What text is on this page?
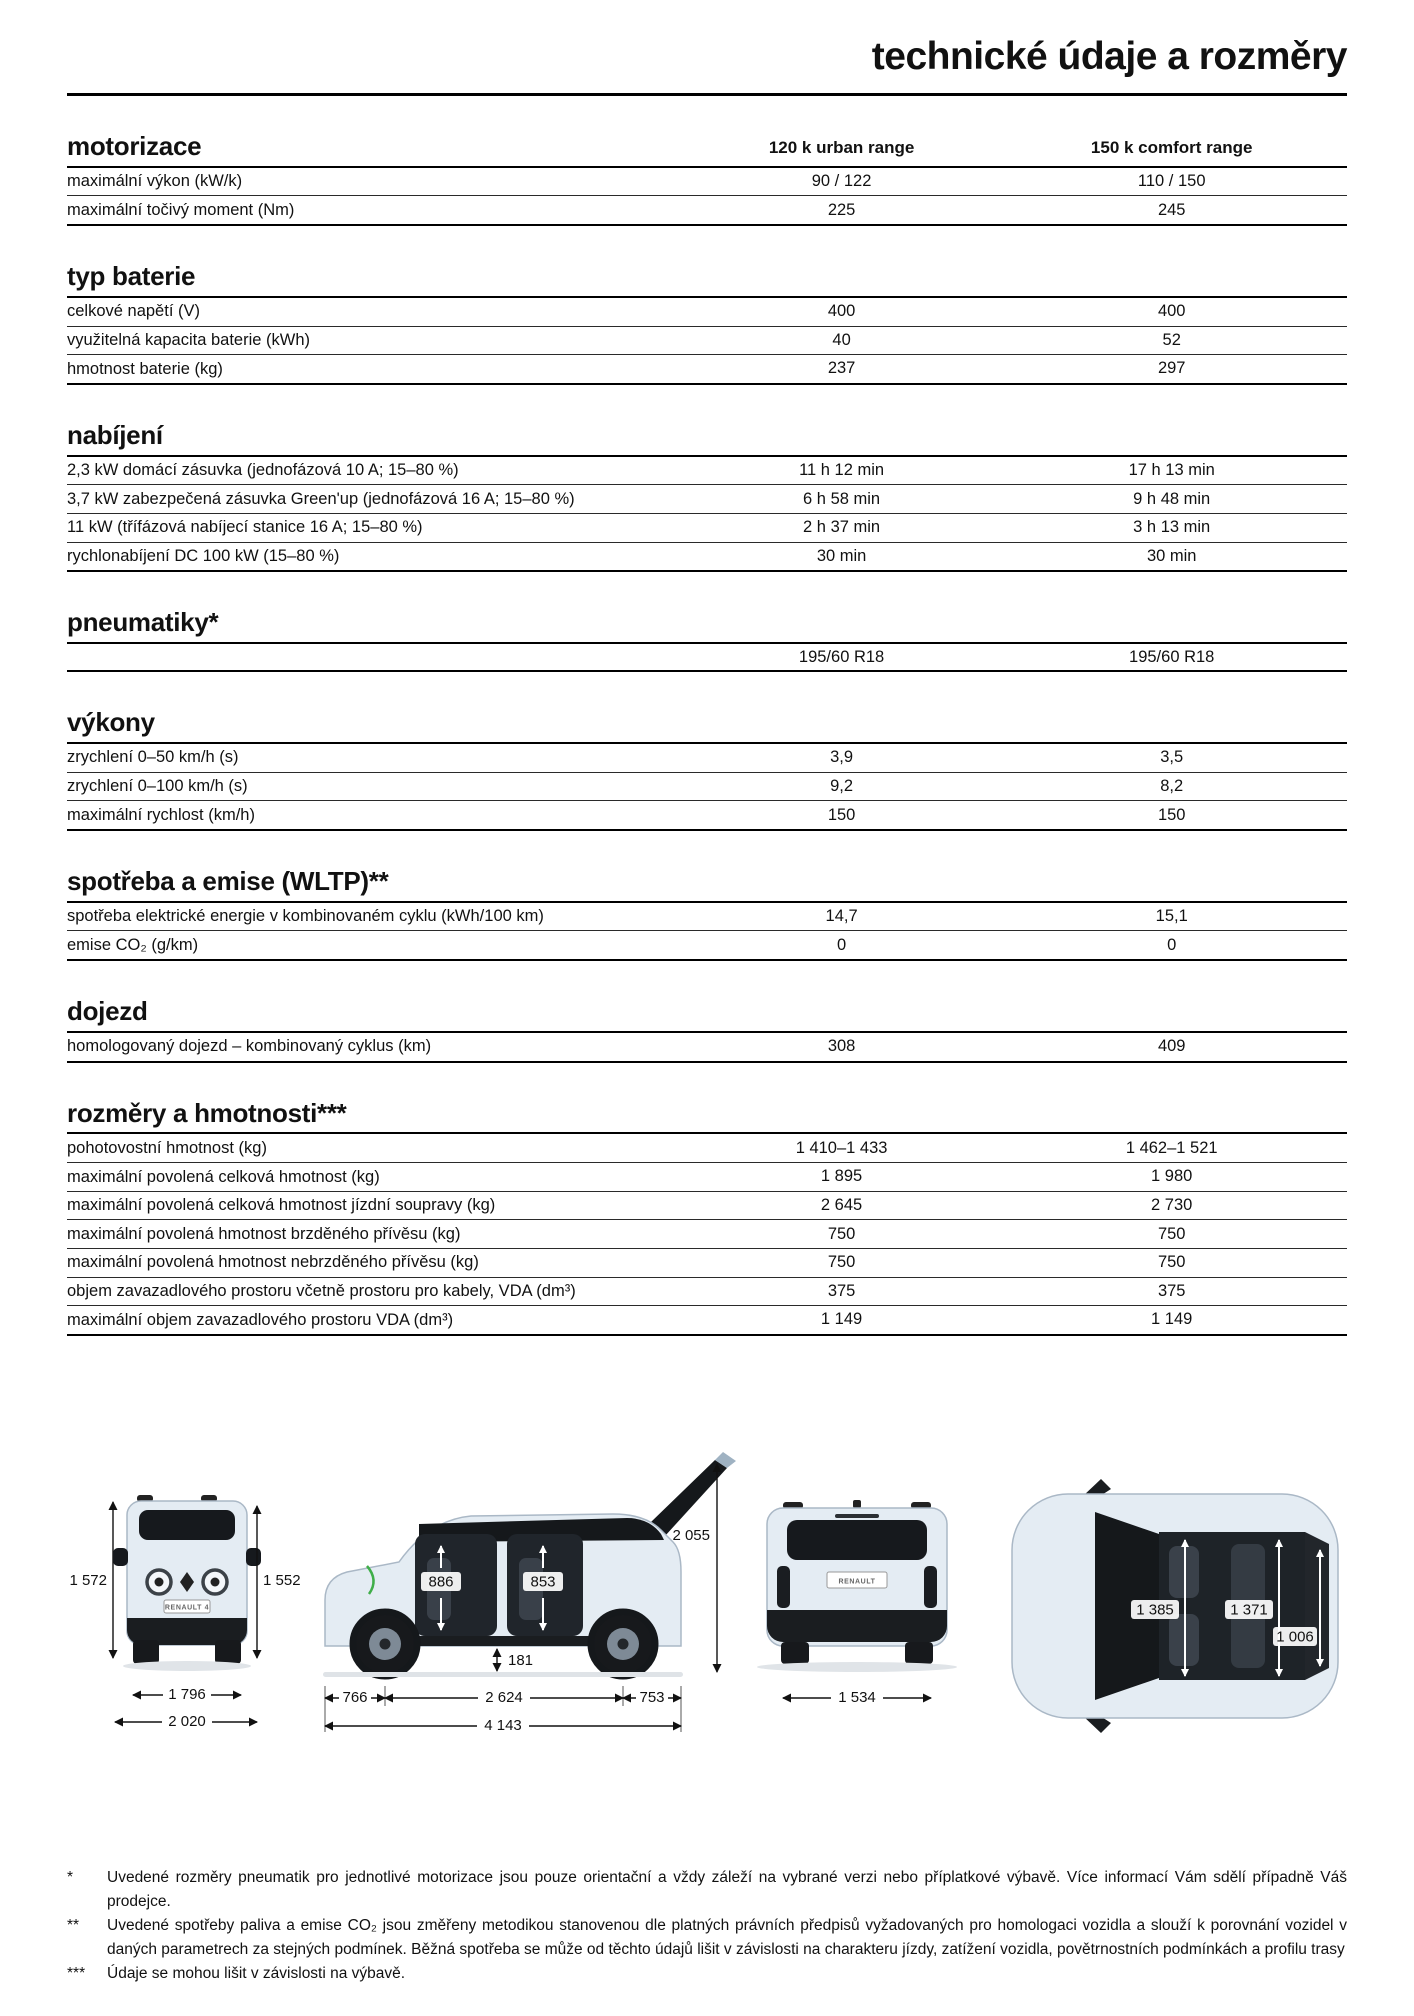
technické údaje a rozměry
motorizace	120 k urban range	150 k comfort range
maximální výkon (kW/k)	90 / 122	110 / 150
maximální točivý moment (Nm)	225	245
typ baterie
celkové napětí (V)	400	400
využitelná kapacita baterie (kWh)	40	52
hmotnost baterie (kg)	237	297
nabíjení
2,3 kW domácí zásuvka (jednofázová 10 A; 15–80 %)	11 h 12 min	17 h 13 min
3,7 kW zabezpečená zásuvka Green'up (jednofázová 16 A; 15–80 %)	6 h 58 min	9 h 48 min
11 kW (třífázová nabíjecí stanice 16 A; 15–80 %)	2 h 37 min	3 h 13 min
rychlonabíjení DC 100 kW (15–80 %)	30 min	30 min
pneumatiky*
195/60 R18	195/60 R18
výkony
zrychlení 0–50 km/h (s)	3,9	3,5
zrychlení 0–100 km/h (s)	9,2	8,2
maximální rychlost (km/h)	150	150
spotřeba a emise (WLTP)**
spotřeba elektrické energie v kombinovaném cyklu (kWh/100 km)	14,7	15,1
emise CO₂ (g/km)	0	0
dojezd
homologovaný dojezd – kombinovaný cyklus (km)	308	409
rozměry a hmotnosti***
pohotovostní hmotnost (kg)	1 410–1 433	1 462–1 521
maximální povolená celková hmotnost (kg)	1 895	1 980
maximální povolená celková hmotnost jízdní soupravy (kg)	2 645	2 730
maximální povolená hmotnost brzděného přívěsu (kg)	750	750
maximální povolená hmotnost nebrzděného přívěsu (kg)	750	750
objem zavazadlového prostoru včetně prostoru pro kabely, VDA (dm³)	375	375
maximální objem zavazadlového prostoru VDA (dm³)	1 149	1 149
1 572
RENAULT 4
1 552
1 796
2 020
886	853
181
766	2 624	753
4 143
2 055
RENAULT
1 534
1 385	1 371
1 006
*	Uvedené rozměry pneumatik pro jednotlivé motorizace jsou pouze orientační a vždy záleží na vybrané verzi nebo příplatkové výbavě. Více informací Vám sdělí případně Váš prodejce.
**	Uvedené spotřeby paliva a emise CO₂ jsou změřeny metodikou stanovenou dle platných právních předpisů vyžadovaných pro homologaci vozidla a slouží k porovnání vozidel v daných parametrech za stejných podmínek. Běžná spotřeba se může od těchto údajů lišit v závislosti na charakteru jízdy, zatížení vozidla, povětrnostních podmínkách a profilu trasy
***	Údaje se mohou lišit v závislosti na výbavě.
